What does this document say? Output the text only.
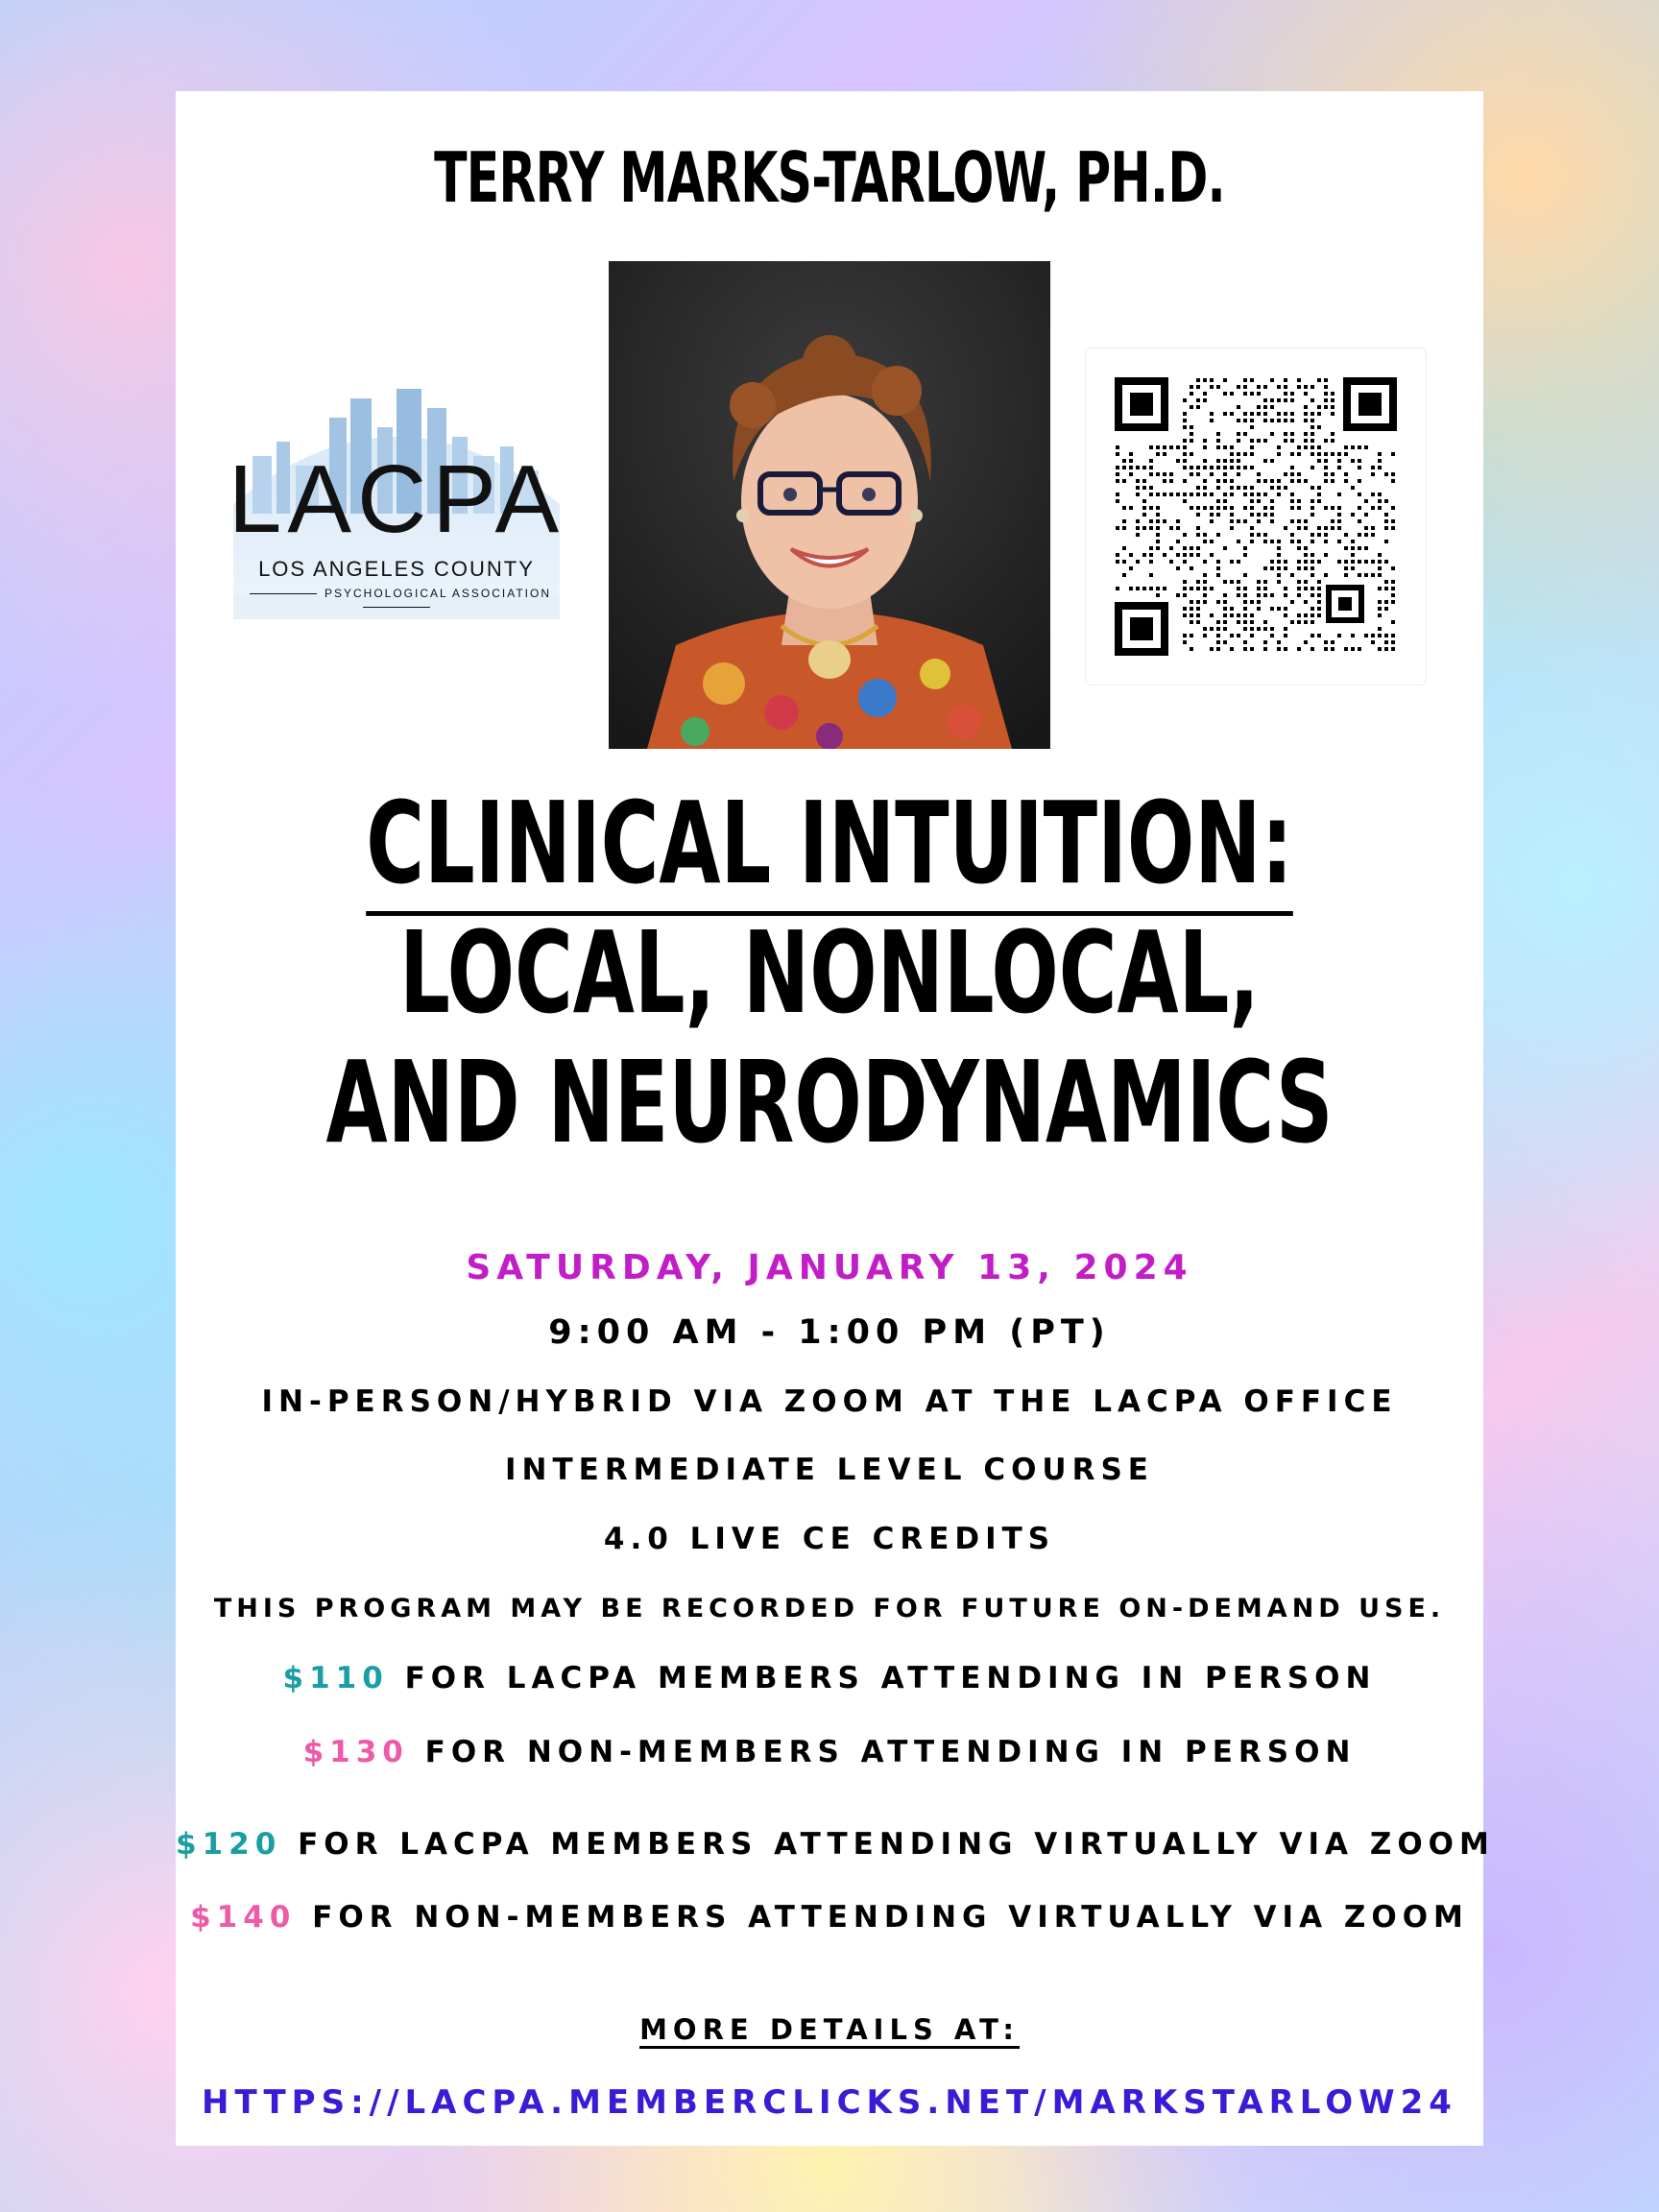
TERRY MARKS-TARLOW, PH.D.
LACPA
LOS ANGELES COUNTY
PSYCHOLOGICAL ASSOCIATION
CLINICAL INTUITION:
LOCAL, NONLOCAL,
AND NEURODYNAMICS
SATURDAY, JANUARY 13, 2024
9:00 AM - 1:00 PM (PT)
IN-PERSON/HYBRID VIA ZOOM AT THE LACPA OFFICE
INTERMEDIATE LEVEL COURSE
4.0 LIVE CE CREDITS
THIS PROGRAM MAY BE RECORDED FOR FUTURE ON-DEMAND USE.
$110 FOR LACPA MEMBERS ATTENDING IN PERSON
$130 FOR NON-MEMBERS ATTENDING IN PERSON
$120 FOR LACPA MEMBERS ATTENDING VIRTUALLY VIA ZOOM
$140 FOR NON-MEMBERS ATTENDING VIRTUALLY VIA ZOOM
MORE DETAILS AT:
HTTPS://LACPA.MEMBERCLICKS.NET/MARKSTARLOW24
